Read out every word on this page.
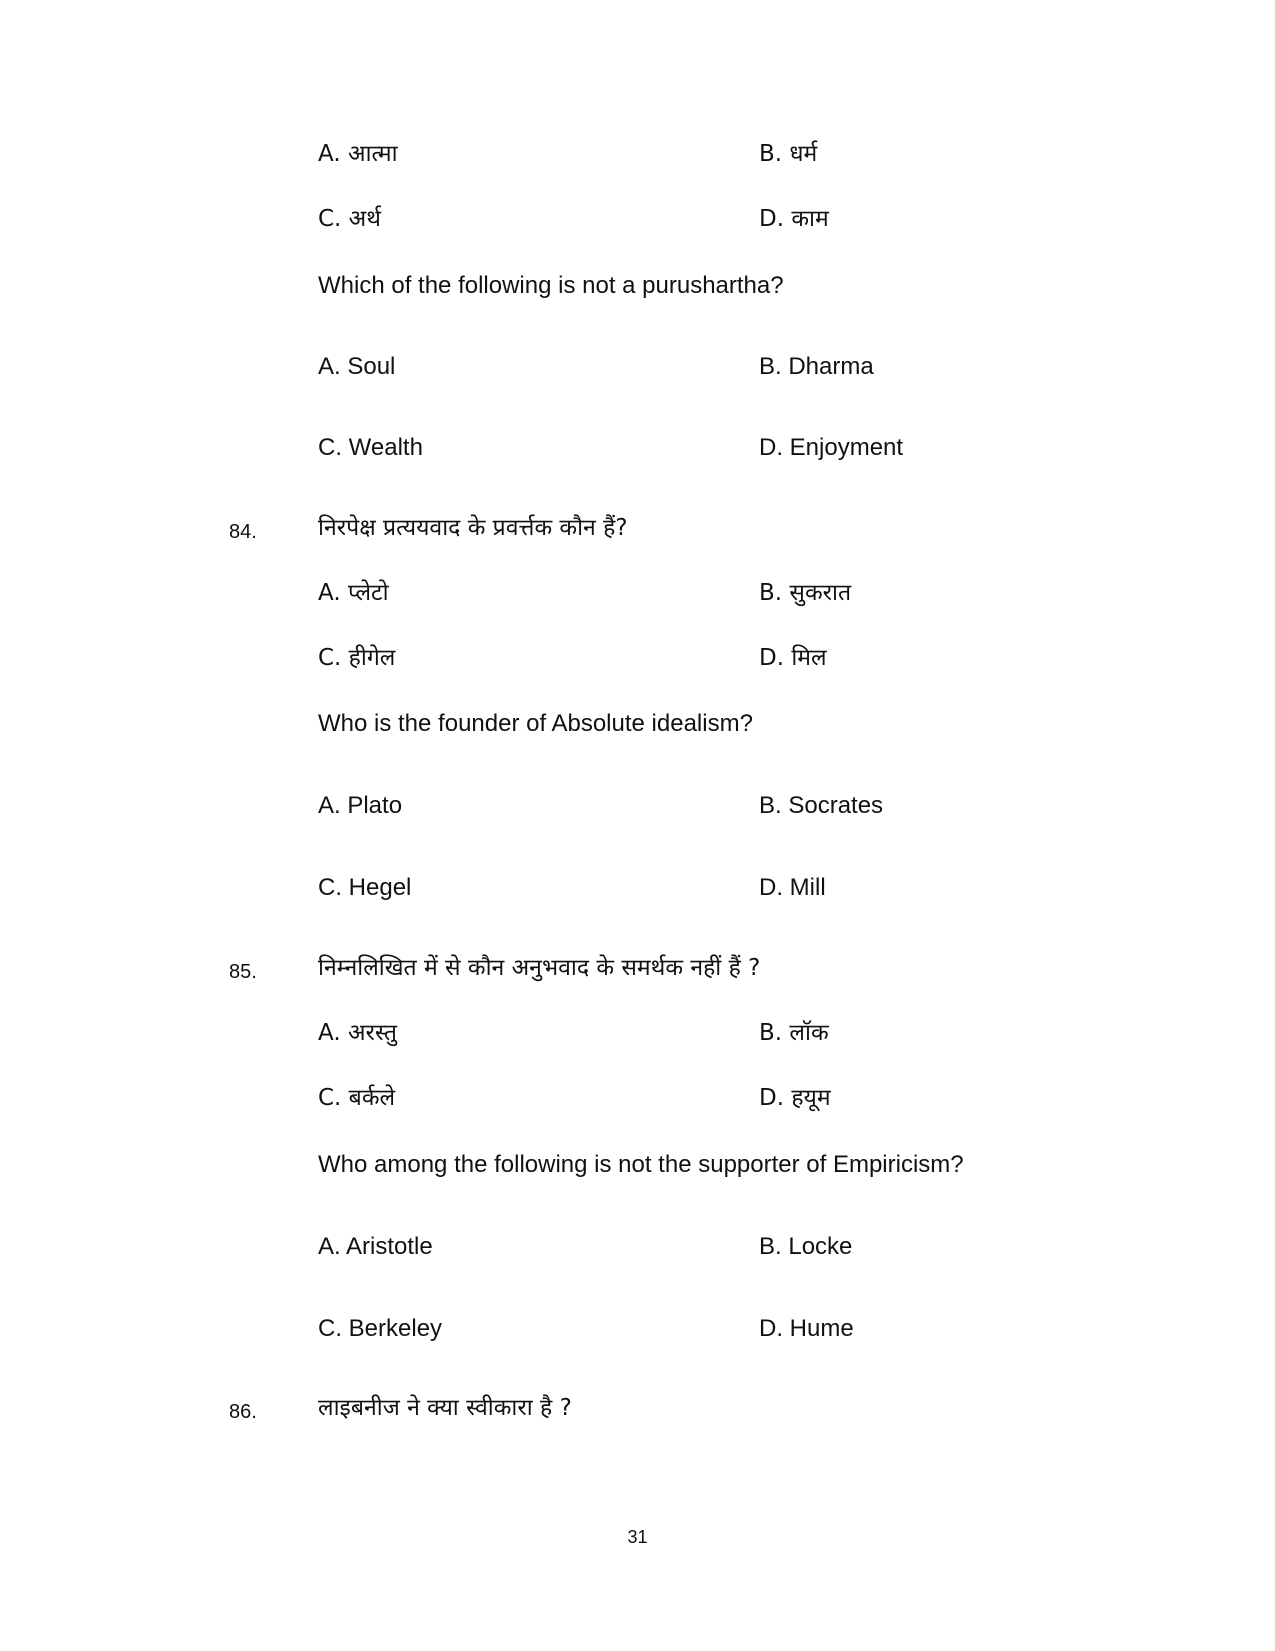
A. आत्मा	B. धर्म
C. अर्थ	D. काम
Which of the following is not a purushartha?
A. Soul	B. Dharma
C. Wealth	D. Enjoyment
84.	निरपेक्ष प्रत्ययवाद के प्रवर्त्तक कौन हैं?
A. प्लेटो	B. सुकरात
C. हीगेल	D. मिल
Who is the founder of Absolute idealism?
A. Plato	B. Socrates
C. Hegel	D. Mill
85.	निम्नलिखित में से कौन अनुभवाद के समर्थक नहीं हैं ?
A. अरस्तु	B. लॉक
C. बर्कले	D. हयूम
Who among the following is not the supporter of Empiricism?
A. Aristotle	B. Locke
C. Berkeley	D. Hume
86.	लाइबनीज ने क्या स्वीकारा है ?
31
